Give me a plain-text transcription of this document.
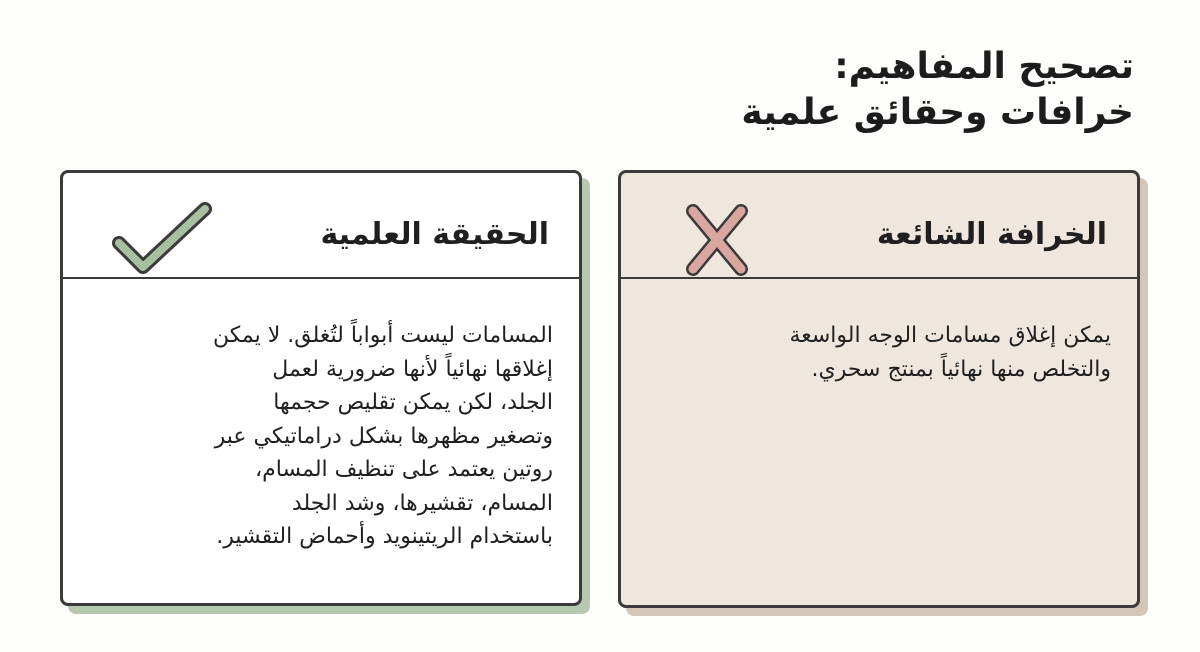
تصحيح المفاهيم:
خرافات وحقائق علمية
الخرافة الشائعة
يمكن إغلاق مسامات الوجه الواسعة
والتخلص منها نهائياً بمنتج سحري.
الحقيقة العلمية
المسامات ليست أبواباً لتُغلق. لا يمكن
إغلاقها نهائياً لأنها ضرورية لعمل
الجلد، لكن يمكن تقليص حجمها
وتصغير مظهرها بشكل دراماتيكي عبر
روتين يعتمد على تنظيف المسام،
المسام، تقشيرها، وشد الجلد
باستخدام الريتينويد وأحماض التقشير.
